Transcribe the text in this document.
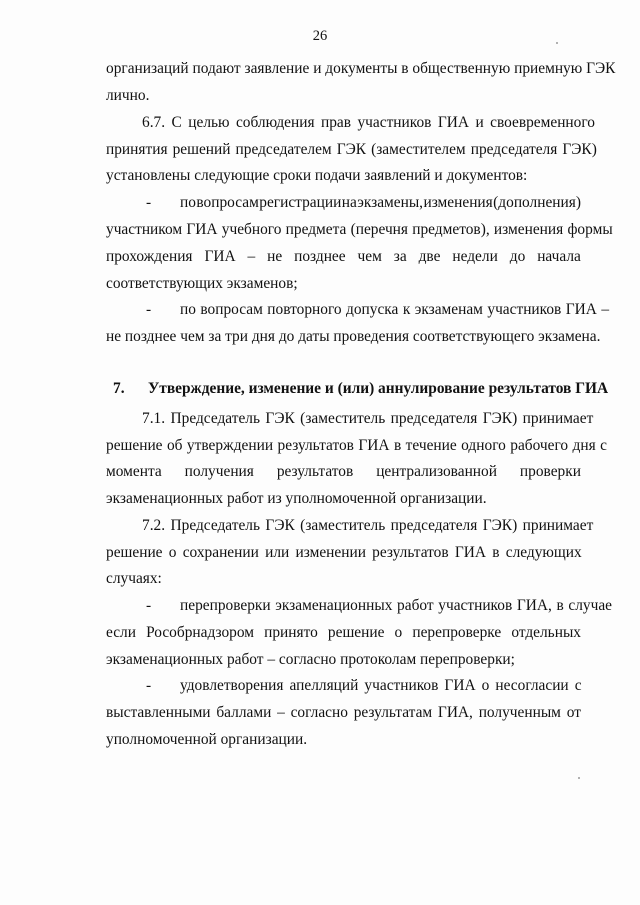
26
организаций подают заявление и документы в общественную приемную ГЭК
лично.
6.7. С целью соблюдения прав участников ГИА и своевременного
принятия решений председателем ГЭК (заместителем председателя ГЭК)
установлены следующие сроки подачи заявлений и документов:
- по вопросам регистрации на экзамены, изменения (дополнения)
участником ГИА учебного предмета (перечня предметов), изменения формы
прохождения ГИА – не позднее чем за две недели до начала
соответствующих экзаменов;
- по вопросам повторного допуска к экзаменам участников ГИА –
не позднее чем за три дня до даты проведения соответствующего экзамена.
7. Утверждение, изменение и (или) аннулирование результатов ГИА
7.1. Председатель ГЭК (заместитель председателя ГЭК) принимает
решение об утверждении результатов ГИА в течение одного рабочего дня с
момента получения результатов централизованной проверки
экзаменационных работ из уполномоченной организации.
7.2. Председатель ГЭК (заместитель председателя ГЭК) принимает
решение о сохранении или изменении результатов ГИА в следующих
случаях:
- перепроверки экзаменационных работ участников ГИА, в случае
если Рособрнадзором принято решение о перепроверке отдельных
экзаменационных работ – согласно протоколам перепроверки;
- удовлетворения апелляций участников ГИА о несогласии с
выставленными баллами – согласно результатам ГИА, полученным от
уполномоченной организации.
